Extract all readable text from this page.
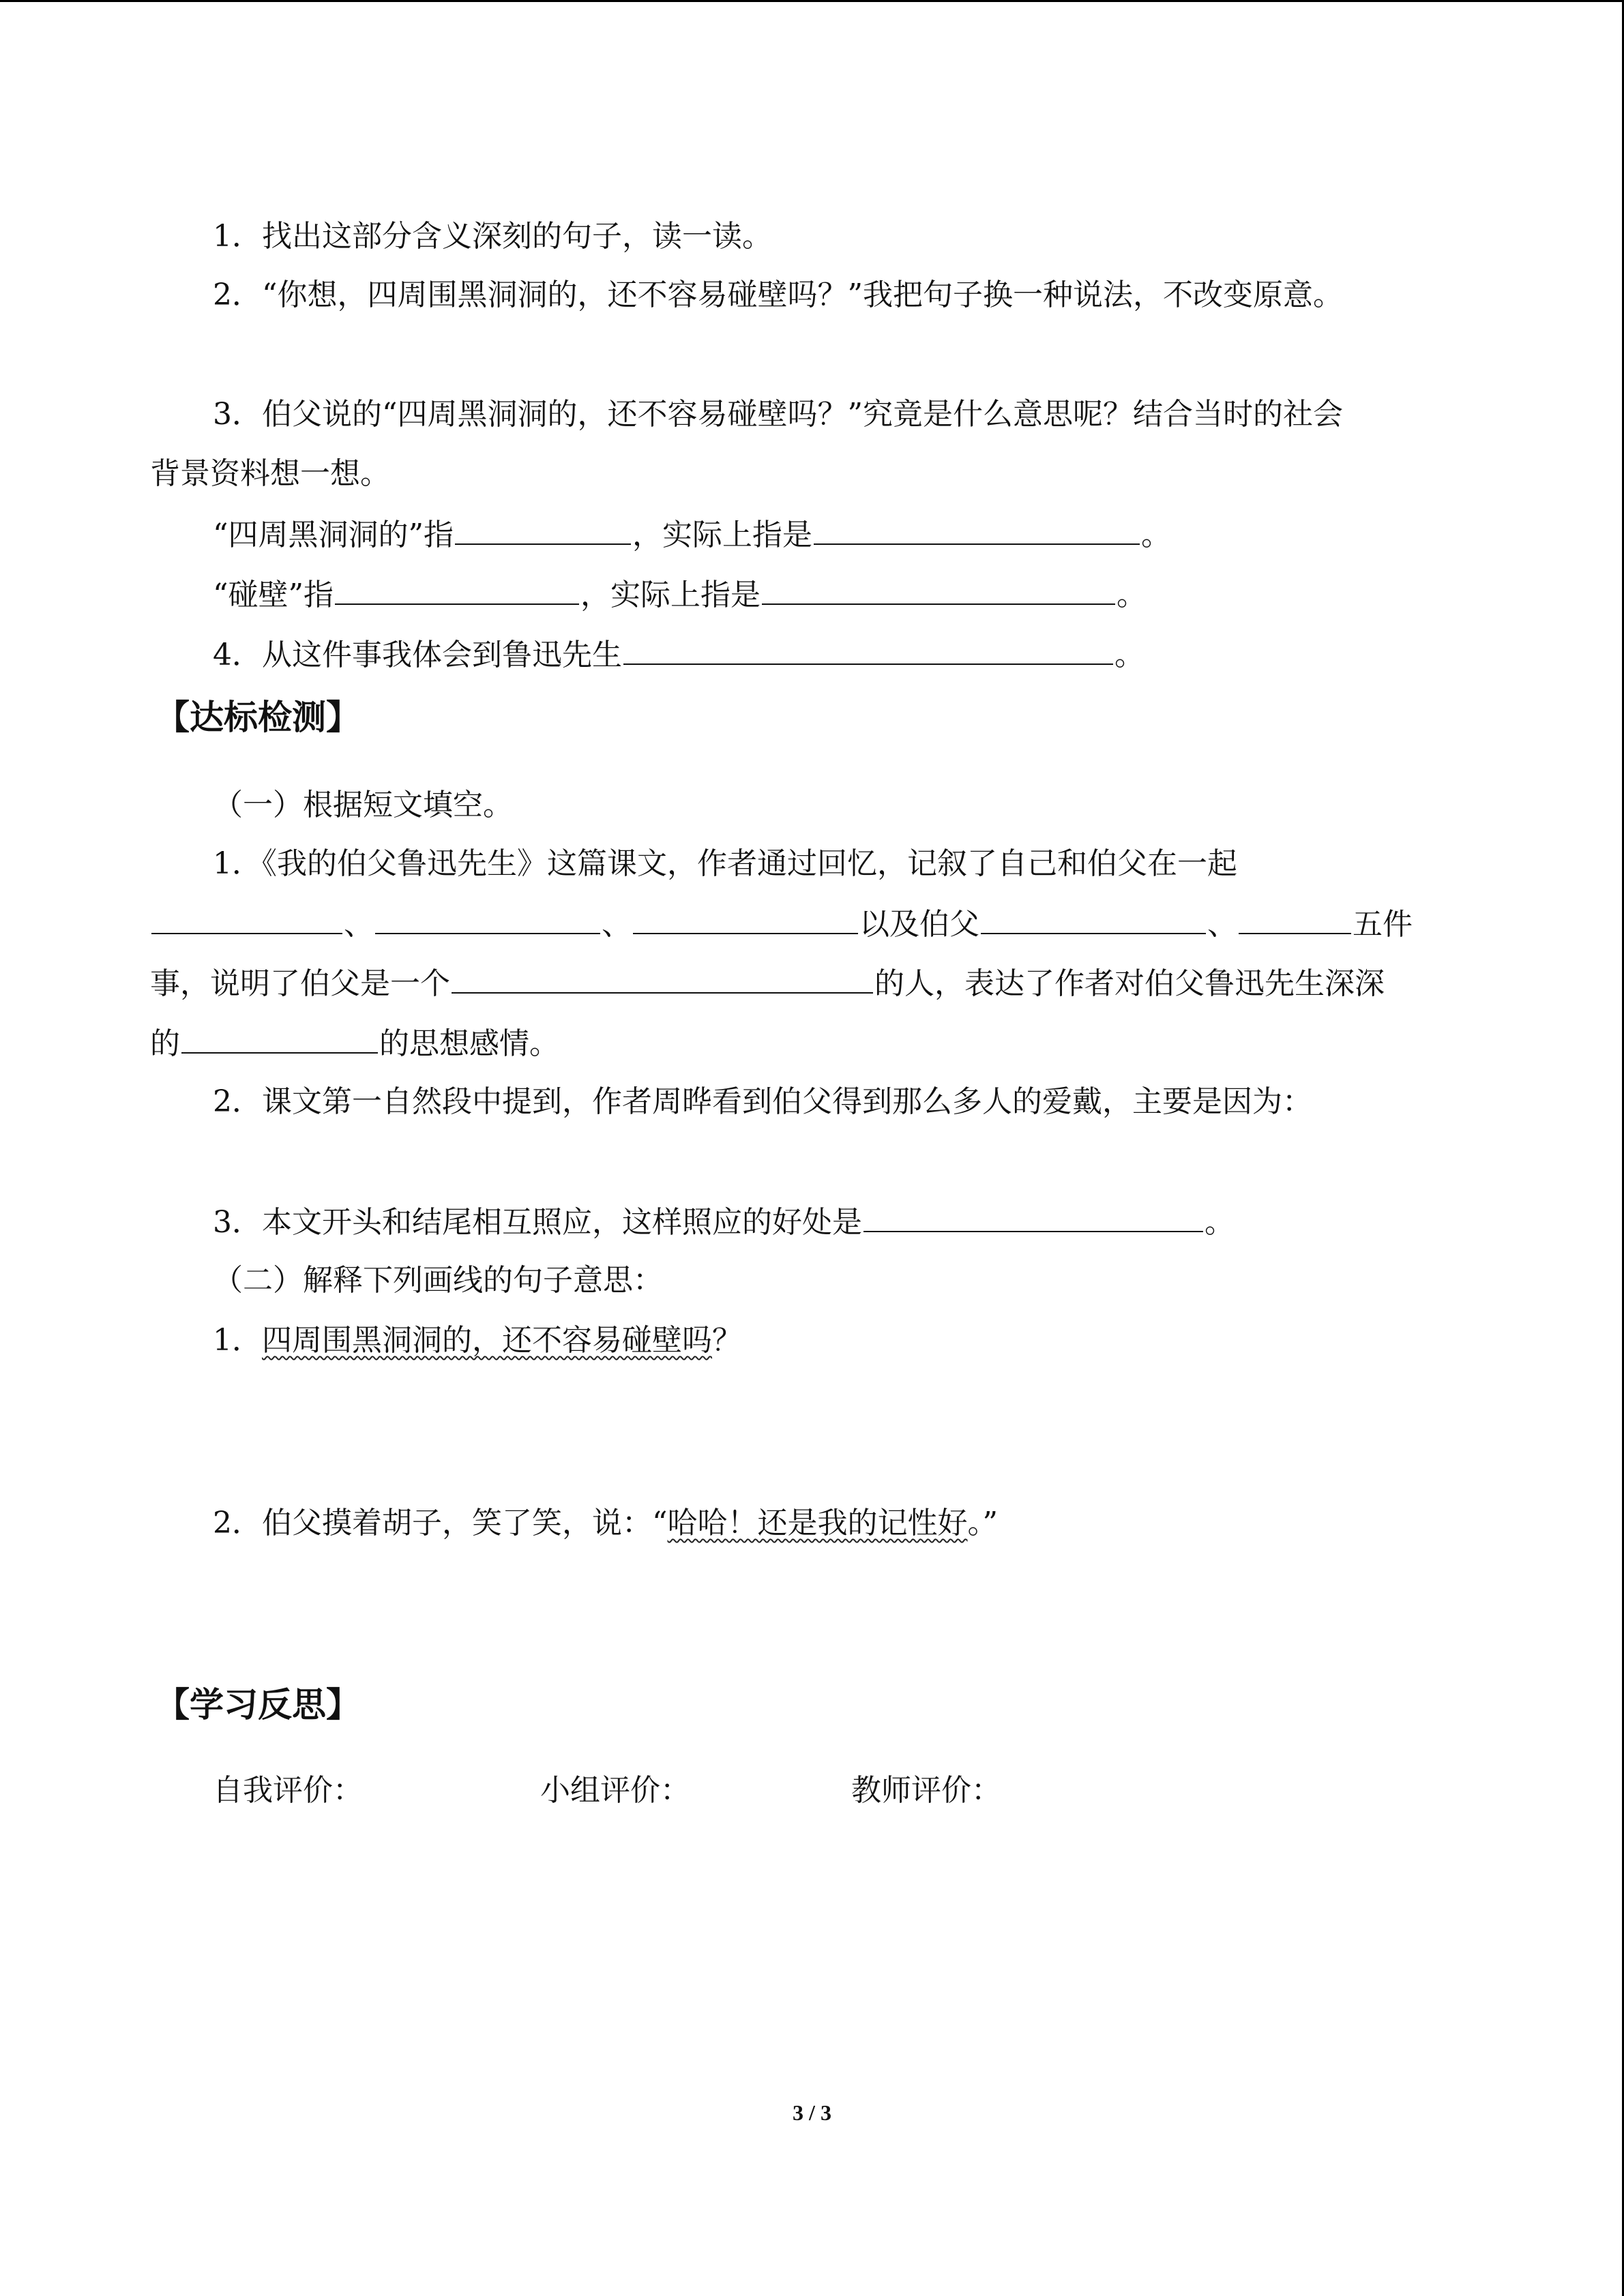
1．找出这部分含义深刻的句子，读一读。
2．“你想，四周围黑洞洞的，还不容易碰壁吗？”我把句子换一种说法，不改变原意。
3．伯父说的“四周黑洞洞的，还不容易碰壁吗？”究竟是什么意思呢？结合当时的社会
背景资料想一想。
“四周黑洞洞的”指	，实际上指是	。
“碰壁”指	，实际上指是	。
4．从这件事我体会到鲁迅先生	。
【达标检测】
（一）根据短文填空。
1．《我的伯父鲁迅先生》这篇课文，作者通过回忆，记叙了自己和伯父在一起
、	、	以及伯父	、	五件
事，说明了伯父是一个	的人，表达了作者对伯父鲁迅先生深深
的	的思想感情。
2．课文第一自然段中提到，作者周晔看到伯父得到那么多人的爱戴，主要是因为：
3．本文开头和结尾相互照应，这样照应的好处是	。
（二）解释下列画线的句子意思：
1．四周围黑洞洞的，还不容易碰壁吗？
2．伯父摸着胡子，笑了笑，说：“哈哈！还是我的记性好。”
【学习反思】
自我评价：	小组评价：	教师评价：
3 / 3
